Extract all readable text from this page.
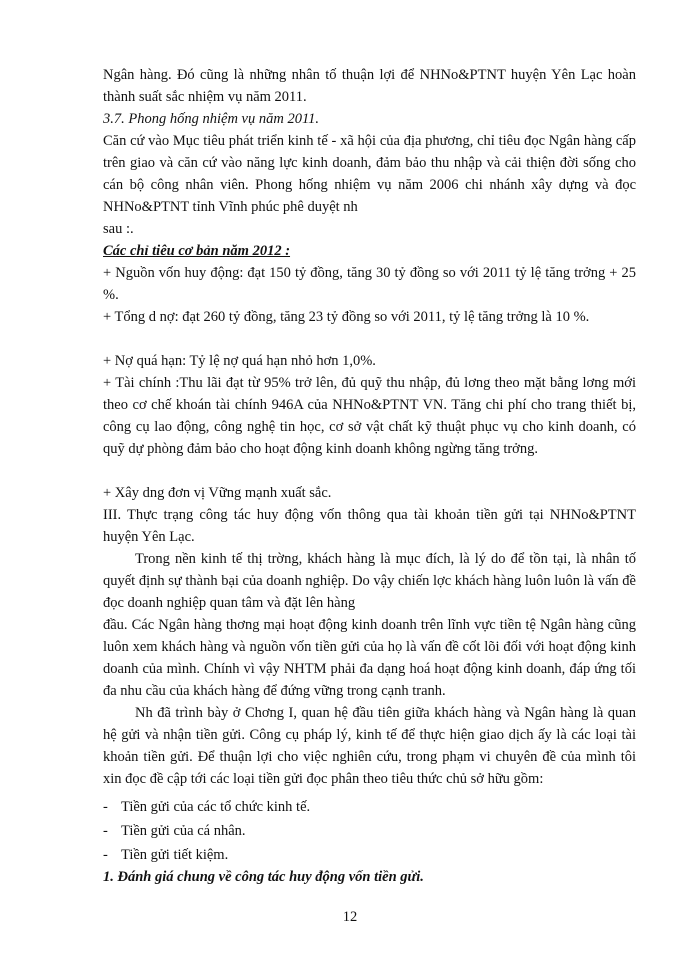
Ngân hàng. Đó cũng là những nhân tố thuận lợi để NHNo&PTNT huyện Yên Lạc hoàn thành suất sắc nhiệm vụ năm 2011.

3.7. Phong hống nhiệm vụ năm 2011.

Căn cứ vào Mục tiêu phát triển kinh tế - xã hội của địa phương, chỉ tiêu đọc Ngân hàng cấp trên giao và căn cứ vào năng lực kinh doanh, đảm bảo thu nhập và cải thiện đời sống cho cán bộ công nhân viên. Phong hống nhiệm vụ năm 2006 chi nhánh xây dựng và đọc NHNo&PTNT tỉnh Vĩnh phúc phê duyệt nh

sau :.

Các chỉ tiêu cơ bản năm 2012 :

+ Nguồn vốn huy động: đạt 150 tỷ đồng, tăng 30 tỷ đồng so với 2011 tỷ lệ tăng trởng + 25 %.

+ Tổng d nợ: đạt 260 tỷ đồng, tăng 23 tỷ đồng so với 2011, tỷ lệ tăng trởng là 10 %.

+ Nợ quá hạn: Tỷ lệ nợ quá hạn nhỏ hơn 1,0%.

+ Tài chính :Thu lãi đạt từ 95% trở lên, đủ quỹ thu nhập, đủ lơng theo mặt bằng lơng mới theo cơ chế khoán tài chính 946A của NHNo&PTNT VN. Tăng chi phí cho trang thiết bị, công cụ lao động, công nghệ tin học, cơ sở vật chất kỹ thuật phục vụ cho kinh doanh, có quỹ dự phòng đảm bảo cho hoạt động kinh doanh không ngừng tăng trởng.

+ Xây dng đơn vị Vững mạnh xuất sắc.

III. Thực trạng công tác huy động vốn thông qua tài khoản tiền gửi tại NHNo&PTNT huyện Yên Lạc.

Trong nền kinh tế thị trờng, khách hàng là mục đích, là lý do để tồn tại, là nhân tố quyết định sự thành bại của doanh nghiệp. Do vậy chiến lợc khách hàng luôn luôn là vấn đề đọc doanh nghiệp quan tâm và đặt lên hàng

đầu. Các Ngân hàng thơng mại hoạt động kinh doanh trên lĩnh vực tiền tệ Ngân hàng cũng luôn xem khách hàng và nguồn vốn tiền gửi của họ là vấn đề cốt lõi đối với hoạt động kinh doanh của mình. Chính vì vậy NHTM phải đa dạng hoá hoạt động kinh doanh, đáp ứng tối đa nhu cầu của khách hàng để đứng vững trong cạnh tranh.

Nh đã trình bày ở Chơng I, quan hệ đầu tiên giữa khách hàng và Ngân hàng là quan hệ gửi và nhận tiền gửi. Công cụ pháp lý, kinh tế để thực hiện giao dịch ấy là các loại tài khoản tiền gửi. Để thuận lợi cho việc nghiên cứu, trong phạm vi chuyên đề của mình tôi xin đọc đề cập tới các loại tiền gửi đọc phân theo tiêu thức chủ sở hữu gồm:

- Tiền gửi của các tổ chức kinh tế.
- Tiền gửi của cá nhân.
- Tiền gửi tiết kiệm.

1. Đánh giá chung về công tác huy động vốn tiền gửi.

12
